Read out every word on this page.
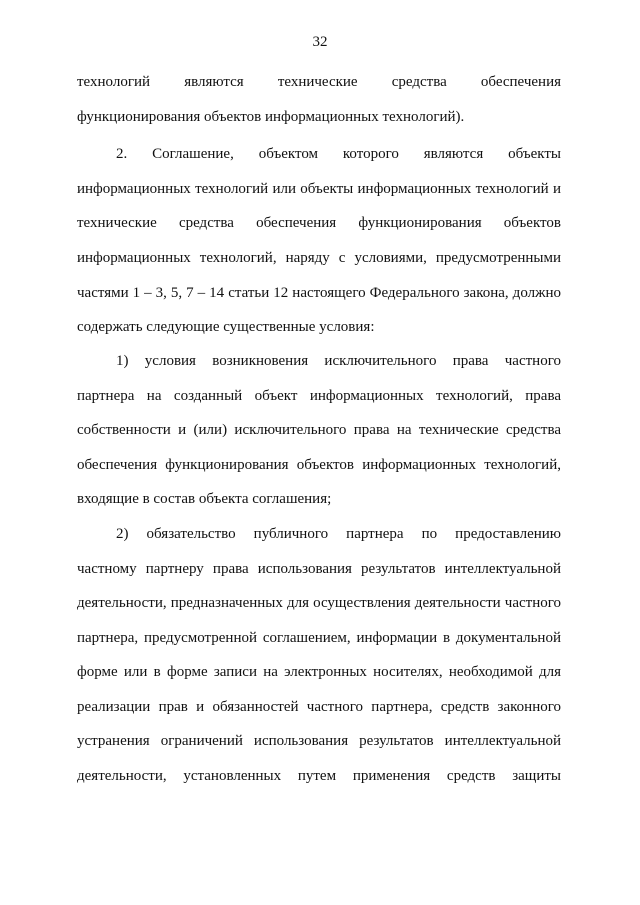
32
технологий являются технические средства обеспечения
функционирования объектов информационных технологий).
2. Соглашение, объектом которого являются объекты
информационных технологий или объекты информационных технологий и
технические средства обеспечения функционирования объектов
информационных технологий, наряду с условиями, предусмотренными
частями 1 – 3, 5, 7 – 14 статьи 12 настоящего Федерального закона, должно
содержать следующие существенные условия:
1) условия возникновения исключительного права частного
партнера на созданный объект информационных технологий, права
собственности и (или) исключительного права на технические средства
обеспечения функционирования объектов информационных технологий,
входящие в состав объекта соглашения;
2) обязательство публичного партнера по предоставлению
частному партнеру права использования результатов интеллектуальной
деятельности, предназначенных для осуществления деятельности частного
партнера, предусмотренной соглашением, информации в документальной
форме или в форме записи на электронных носителях, необходимой для
реализации прав и обязанностей частного партнера, средств законного
устранения ограничений использования результатов интеллектуальной
деятельности, установленных путем применения средств защиты
